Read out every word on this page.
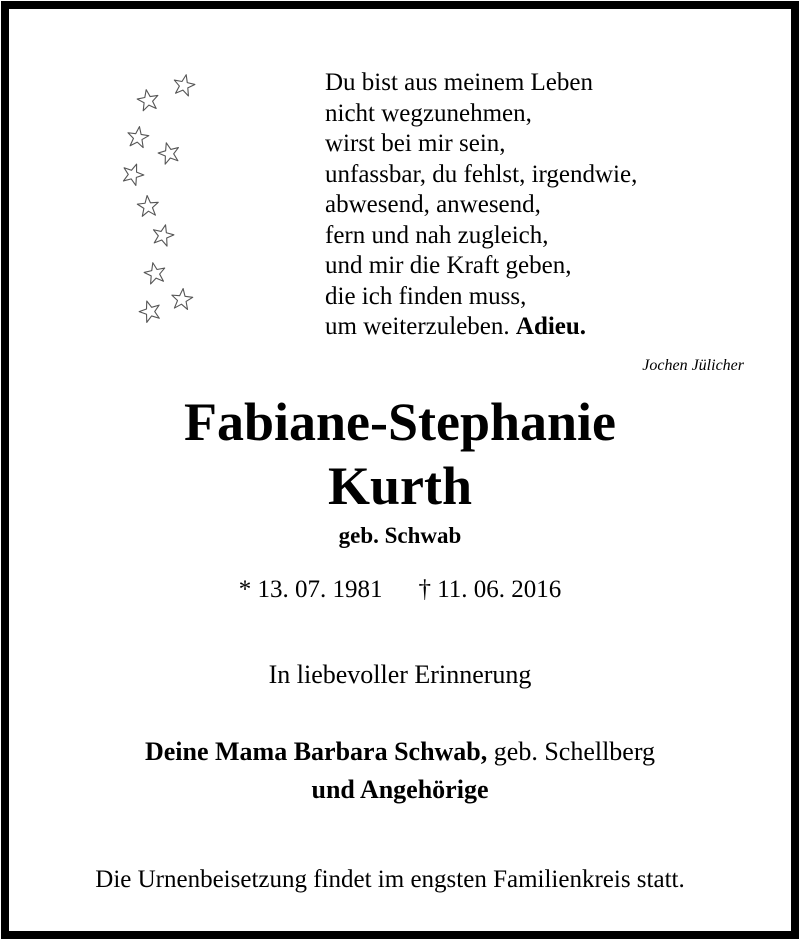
Du bist aus meinem Leben
nicht wegzunehmen,
wirst bei mir sein,
unfassbar, du fehlst, irgendwie,
abwesend, anwesend,
fern und nah zugleich,
und mir die Kraft geben,
die ich finden muss,
um weiterzuleben. Adieu.
Jochen Jülicher
Fabiane-Stephanie
Kurth
geb. Schwab
* 13. 07. 1981 † 11. 06. 2016
In liebevoller Erinnerung
Deine Mama Barbara Schwab, geb. Schellberg
und Angehörige
Die Urnenbeisetzung findet im engsten Familienkreis statt.
